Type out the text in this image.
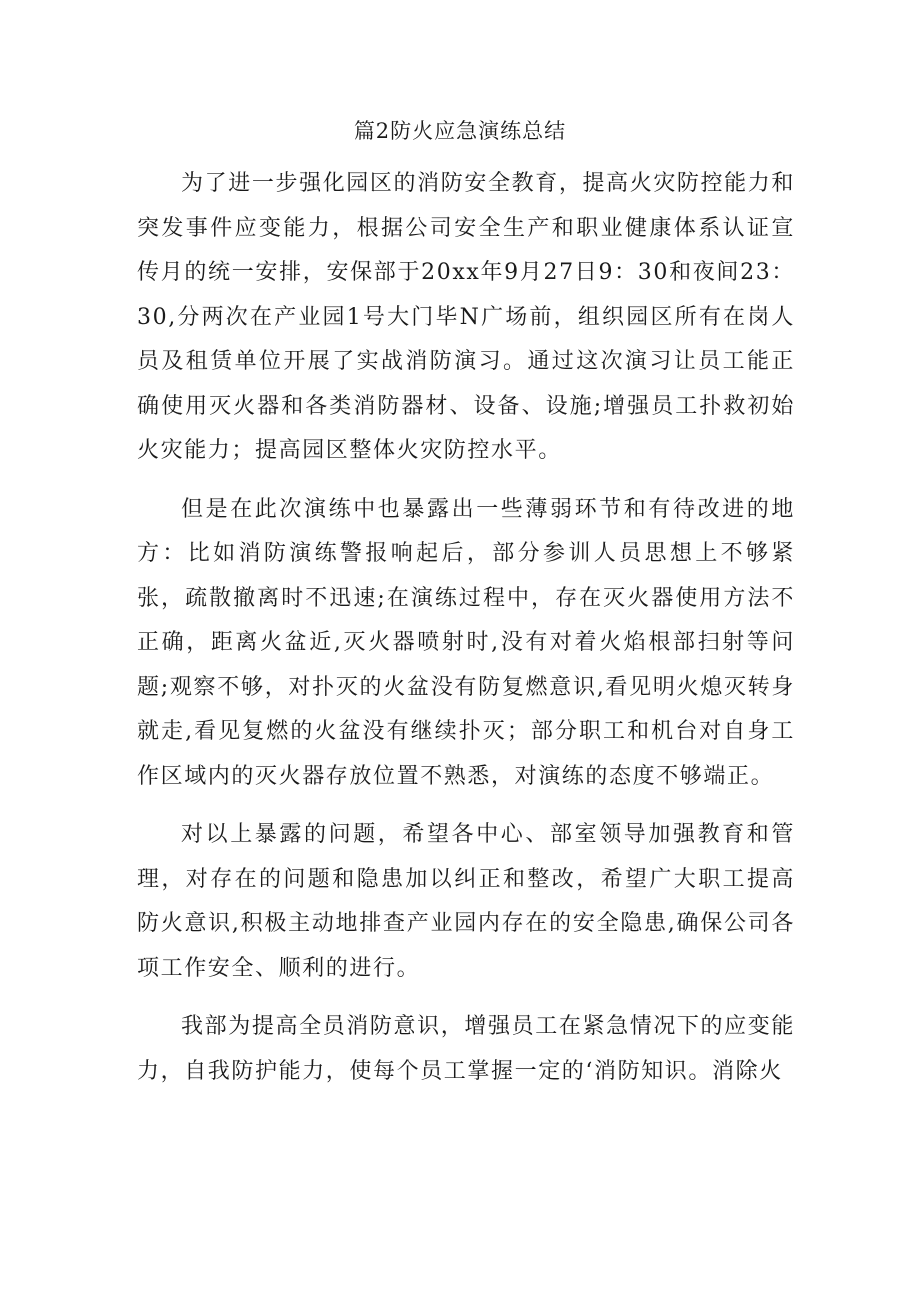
篇2防火应急演练总结

为了进一步强化园区的消防安全教育，提高火灾防控能力和突发事件应变能力，根据公司安全生产和职业健康体系认证宣传月的统一安排，安保部于20xx年9月27日9：30和夜间23：30,分两次在产业园1号大门毕N广场前，组织园区所有在岗人员及租赁单位开展了实战消防演习。通过这次演习让员工能正确使用灭火器和各类消防器材、设备、设施;增强员工扑救初始火灾能力；提高园区整体火灾防控水平。

但是在此次演练中也暴露出一些薄弱环节和有待改进的地方：比如消防演练警报响起后，部分参训人员思想上不够紧张，疏散撤离时不迅速;在演练过程中，存在灭火器使用方法不正确，距离火盆近,灭火器喷射时,没有对着火焰根部扫射等问题;观察不够，对扑灭的火盆没有防复燃意识,看见明火熄灭转身就走,看见复燃的火盆没有继续扑灭；部分职工和机台对自身工作区域内的灭火器存放位置不熟悉，对演练的态度不够端正。

对以上暴露的问题，希望各中心、部室领导加强教育和管理，对存在的问题和隐患加以纠正和整改，希望广大职工提高防火意识,积极主动地排查产业园内存在的安全隐患,确保公司各项工作安全、顺利的进行。

我部为提高全员消防意识，增强员工在紧急情况下的应变能力，自我防护能力，使每个员工掌握一定的‘消防知识。消除火
